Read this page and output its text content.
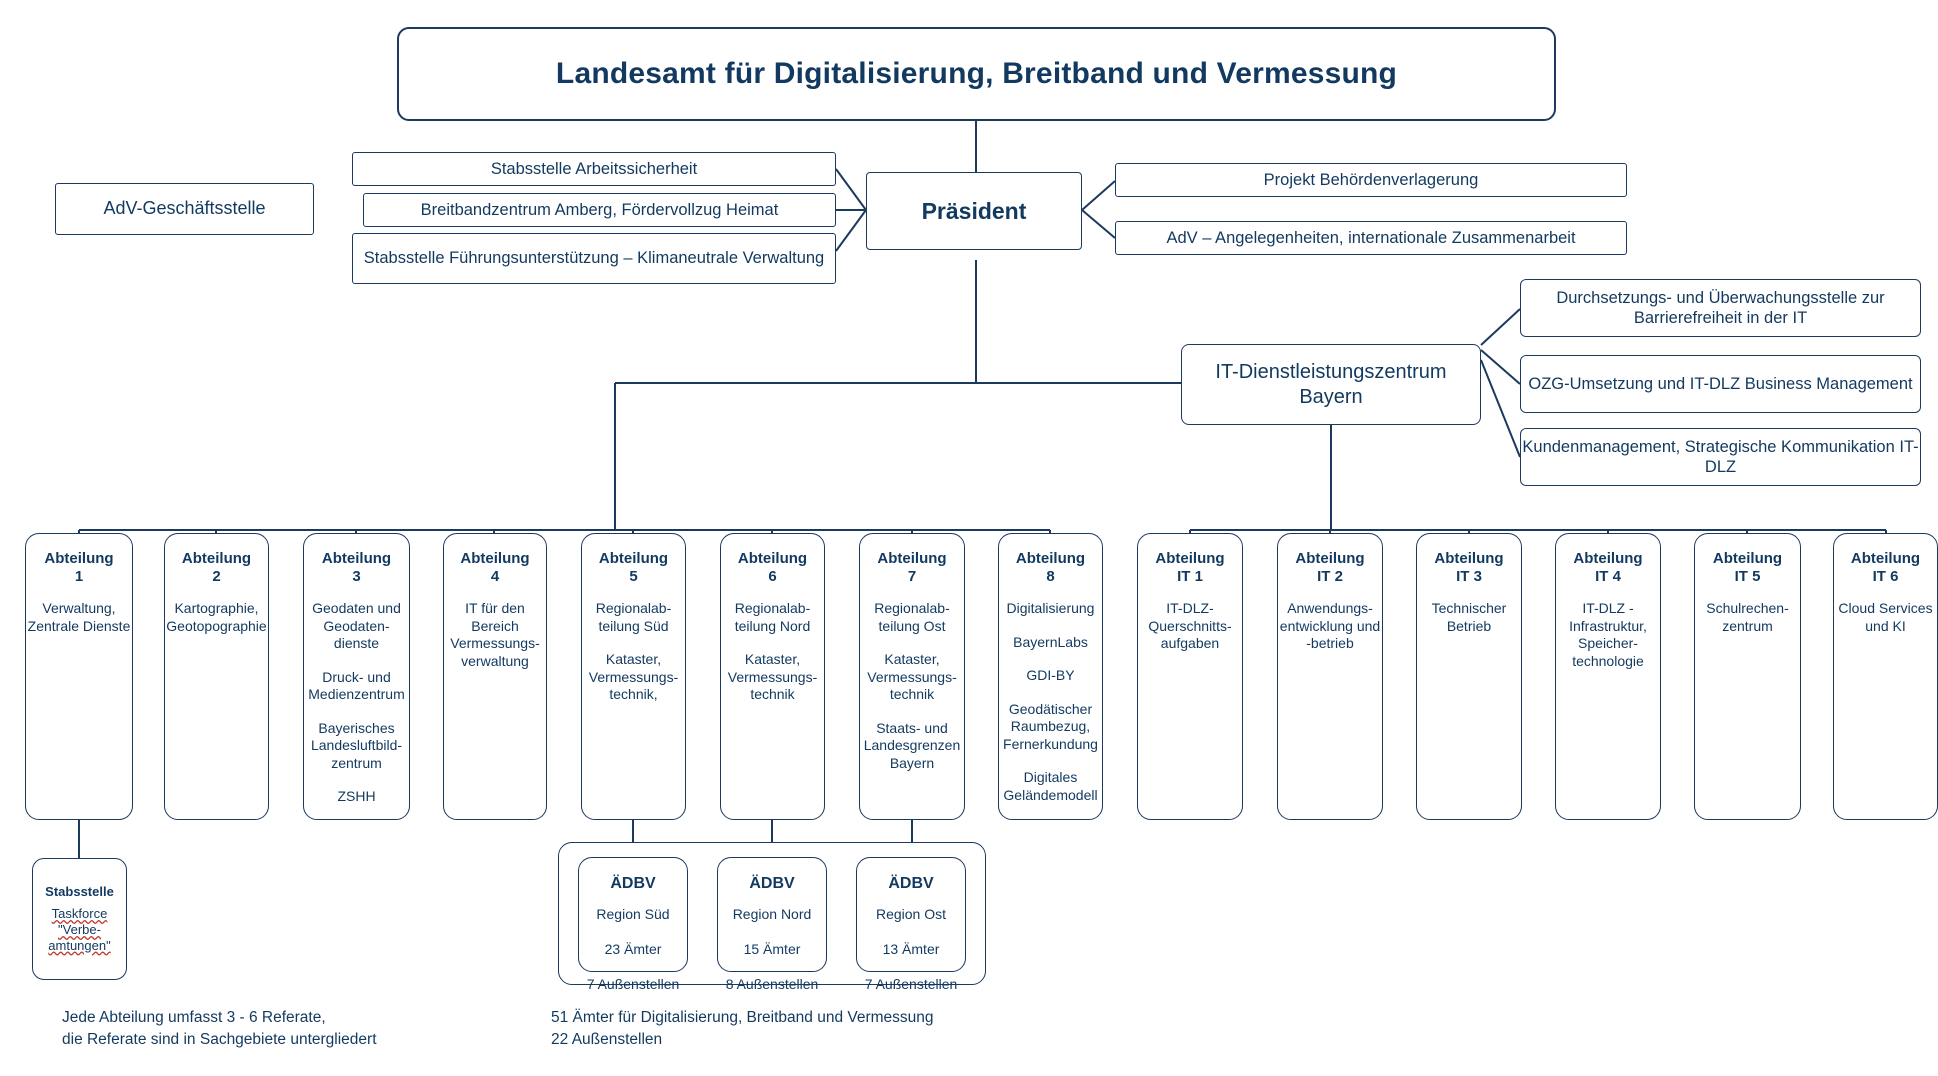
Landesamt für Digitalisierung, Breitband und Vermessung
AdV-Geschäftsstelle
Stabsstelle Arbeitssicherheit
Breitbandzentrum Amberg, Fördervollzug Heimat
Stabsstelle Führungsunterstützung – Klimaneutrale Verwaltung
Präsident
Projekt Behördenverlagerung
AdV – Angelegenheiten, internationale Zusammenarbeit
IT-Dienstleistungszentrum Bayern
Durchsetzungs- und Überwachungsstelle zur Barrierefreiheit in der IT
OZG-Umsetzung und IT-DLZ Business Management
Kundenmanagement, Strategische Kommunikation IT-DLZ
Abteilung
1

Verwaltung, Zentrale Dienste

Abteilung
2

Kartographie, Geotopographie

Abteilung
3

Geodaten und Geodaten-dienste

Druck- und Medienzentrum

Bayerisches Landesluftbild-zentrum

ZSHH

Abteilung
4

IT für den Bereich Vermessungs-verwaltung

Abteilung
5

Regionalab-teilung Süd

Kataster, Vermessungs-technik,

Abteilung
6

Regionalab-teilung Nord

Kataster, Vermessungs-technik

Abteilung
7

Regionalab-teilung Ost

Kataster, Vermessungs-technik

Staats- und Landesgrenzen Bayern

Abteilung
8

Digitalisierung

BayernLabs

GDI-BY

Geodätischer Raumbezug, Fernerkundung

Digitales Geländemodell

Abteilung
IT 1

IT-DLZ-Querschnitts-aufgaben

Abteilung
IT 2

Anwendungs-entwicklung und -betrieb

Abteilung
IT 3

Technischer Betrieb

Abteilung
IT 4

IT-DLZ - Infrastruktur, Speicher-technologie

Abteilung
IT 5

Schulrechen-zentrum

Abteilung
IT 6

Cloud Services und KI

Stabsstelle
Taskforce
"Verbe-
amtungen"
ÄDBV

Region Süd

23 Ämter

7 Außenstellen

ÄDBV

Region Nord

15 Ämter

8 Außenstellen

ÄDBV

Region Ost

13 Ämter

7 Außenstellen

Jede Abteilung umfasst 3 - 6 Referate,
die Referate sind in Sachgebiete untergliedert
51 Ämter für Digitalisierung, Breitband und Vermessung
22 Außenstellen
